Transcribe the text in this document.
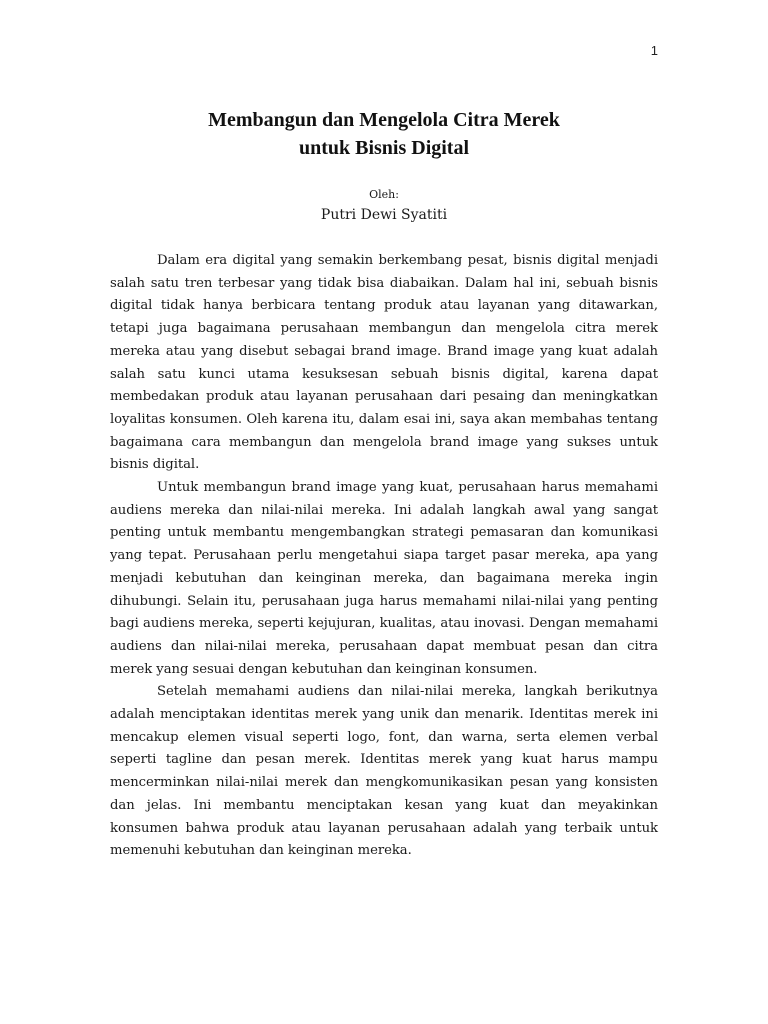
1
Membangun dan Mengelola Citra Merek
untuk Bisnis Digital
Oleh:
Putri Dewi Syatiti

Dalam era digital yang semakin berkembang pesat, bisnis digital menjadi salah satu tren terbesar yang tidak bisa diabaikan. Dalam hal ini, sebuah bisnis digital tidak hanya berbicara tentang produk atau layanan yang ditawarkan, tetapi juga bagaimana perusahaan membangun dan mengelola citra merek mereka atau yang disebut sebagai brand image. Brand image yang kuat adalah salah satu kunci utama kesuksesan sebuah bisnis digital, karena dapat membedakan produk atau layanan perusahaan dari pesaing dan meningkatkan loyalitas konsumen. Oleh karena itu, dalam esai ini, saya akan membahas tentang bagaimana cara membangun dan mengelola brand image yang sukses untuk bisnis digital.

Untuk membangun brand image yang kuat, perusahaan harus memahami audiens mereka dan nilai-nilai mereka. Ini adalah langkah awal yang sangat penting untuk membantu mengembangkan strategi pemasaran dan komunikasi yang tepat. Perusahaan perlu mengetahui siapa target pasar mereka, apa yang menjadi kebutuhan dan keinginan mereka, dan bagaimana mereka ingin dihubungi. Selain itu, perusahaan juga harus memahami nilai-nilai yang penting bagi audiens mereka, seperti kejujuran, kualitas, atau inovasi. Dengan memahami audiens dan nilai-nilai mereka, perusahaan dapat membuat pesan dan citra merek yang sesuai dengan kebutuhan dan keinginan konsumen.

Setelah memahami audiens dan nilai-nilai mereka, langkah berikutnya adalah menciptakan identitas merek yang unik dan menarik. Identitas merek ini mencakup elemen visual seperti logo, font, dan warna, serta elemen verbal seperti tagline dan pesan merek. Identitas merek yang kuat harus mampu mencerminkan nilai-nilai merek dan mengkomunikasikan pesan yang konsisten dan jelas. Ini membantu menciptakan kesan yang kuat dan meyakinkan konsumen bahwa produk atau layanan perusahaan adalah yang terbaik untuk memenuhi kebutuhan dan keinginan mereka.
